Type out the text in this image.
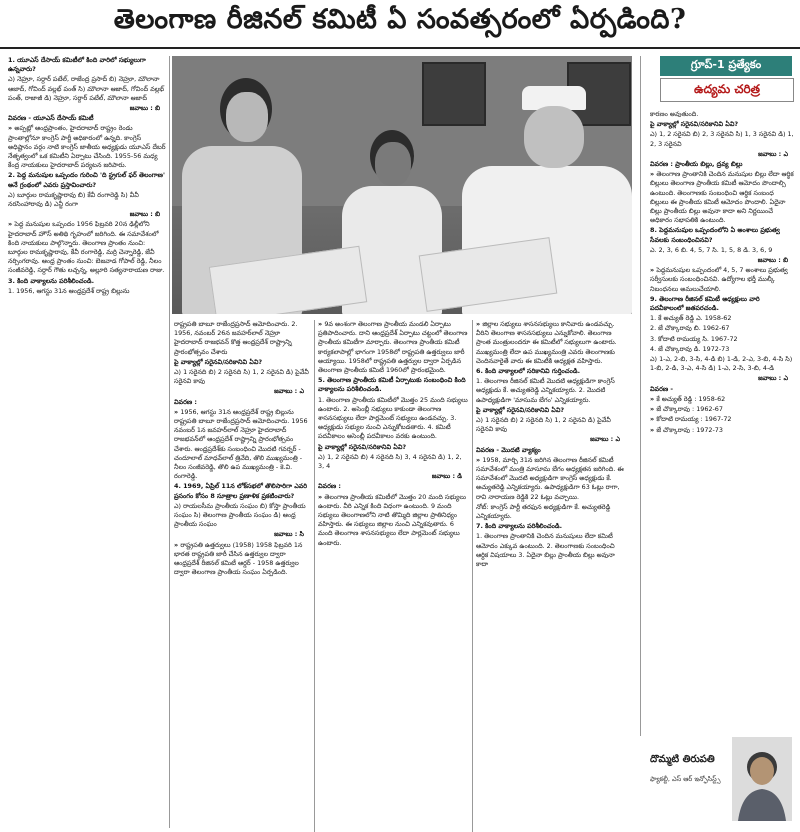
తెలంగాణ రీజినల్ కమిటీ ఏ సంవత్సరంలో ఏర్పడింది?

1. యూఎస్ దేసాయ్ కమిటీలో కింది వారిలో సభ్యులుగా ఉన్నవారు?

ఎ) నెహ్రూ, సర్దార్ పటేల్, రాజేంద్ర ప్రసాద్ బి) నెహ్రూ, మౌలానా ఆజాద్, గోవింద్ వల్లభ్ పంత్ సి) మౌలానా ఆజాద్, గోవింద్ వల్లభ్ పంత్, రాజాజీ డి) నెహ్రూ, సర్దార్ పటేల్, మౌలానా ఆజాద్

జవాబు : బి

వివరణ - యూఎస్ దేసాయ్ కమిటీ

» అప్పట్లో ఆంధ్రప్రాంతం, హైదరాబాద్ రాష్ట్రం రెండు ప్రాంతాల్లోనూ కాంగ్రెస్ పార్టీ అధికారంలో ఉన్నది. కాంగ్రెస్ అధిష్టానం వర్గం నాటి కాంగ్రెస్ జాతీయ అధ్యక్షుడు యూఎస్ దేబర్ నేతృత్వంలో ఒక కమిటీని ఏర్పాటు చేసింది. 1955-56 మధ్య కేంద్ర నాయకులు హైదరాబాద్ పర్యటన జరిపారు.

2. పెద్ద మనుషుల ఒప్పందం గురించి 'ది స్ట్రగుల్ ఫర్ తెలంగాణ' అనే గ్రంథంలో ఎవరు ప్రస్తావించారు?

ఎ) బూర్గుల రామకృష్ణారావు బి) కేవీ రంగారెడ్డి సి) వీవీ నరసింహారావు డి) ఎన్జీ రంగా

జవాబు : బి

» పెద్ద మనుషుల ఒప్పందం 1956 ఫిబ్రవరి 20న ఢిల్లీలోని హైదరాబాద్ హౌస్ అతిథి గృహంలో జరిగింది. ఈ సమావేశంలో కింది నాయకులు పాల్గొన్నారు. తెలంగాణ ప్రాంతం నుంచి: బూర్గుల రామకృష్ణారావు, కేవీ రంగారెడ్డి, మర్రి చెన్నారెడ్డి, జేవీ నర్సింగరావు. ఆంధ్ర ప్రాంతం నుంచి: బెజవాడ గోపాల్ రెడ్డి, నీలం సంజీవరెడ్డి, సర్దార్ గౌతు లచ్చన్న, అల్లూరి సత్యనారాయణ రాజు.

3. కింది వాక్యాలను పరిశీలించండి.

1. 1956, ఆగస్టు 31న ఆంధ్రప్రదేశ్ రాష్ట్ర బిల్లును

గ్రూప్-1 ప్రత్యేకం
ఉద్యమ చరిత్ర

రాష్ట్రపతి బాబూ రాజేంద్రప్రసాద్ ఆమోదించారు. 2. 1956, నవంబర్ 26న జవహర్‌లాల్ నెహ్రూ హైదరాబాద్ రాజభవన్ కొత్త ఆంధ్రప్రదేశ్ రాష్ట్రాన్ని ప్రారంభోత్సవం చేశారు

పై వాక్యాల్లో సరైనవి/సరికానివి ఏవి?

ఎ) 1 సరైనది బి) 2 సరైనది సి) 1, 2 సరైనవి డి) పైవేవీ సరైనవి కావు

జవాబు : ఎ

వివరణ :

» 1956, ఆగస్టు 31న ఆంధ్రప్రదేశ్ రాష్ట్ర బిల్లును రాష్ట్రపతి బాబూ రాజేంద్రప్రసాద్ ఆమోదించారు. 1956 నవంబర్ 1న జవహర్‌లాల్ నెహ్రూ హైదరాబాద్ రాజభవన్‌లో ఆంధ్రప్రదేశ్ రాష్ట్రాన్ని ప్రారంభోత్సవం చేశారు. ఆంధ్రప్రదేశ్‌కు సంబంధించి మొదటి గవర్నర్ - చందూలాల్ మాధవ్‌లాల్ త్రివేది, తొలి ముఖ్యమంత్రి - నీలం సంజీవరెడ్డి, తొలి ఉప ముఖ్యమంత్రి - కె.వి. రంగారెడ్డి.

4. 1969, ఏప్రిల్ 11న లోక్‌సభలో తొలిసారిగా ఎవరి ప్రసంగం కోసం 8 సూత్రాల ప్రణాళిక ప్రకటించారు?

ఎ) రాయలసీమ ప్రాంతీయ సంఘం బి) కోస్తా ప్రాంతీయ సంఘం సి) తెలంగాణ ప్రాంతీయ సంఘం డి) ఆంధ్ర ప్రాంతీయ సంఘం

జవాబు : సి

» రాష్ట్రపతి ఉత్తర్వులు (1958) 1958 ఫిబ్రవరి 1న భారత రాష్ట్రపతి జారీ చేసిన ఉత్తర్వుల ద్వారా ఆంధ్రప్రదేశ్ రీజినల్ కమిటీ ఆర్డర్ - 1958 ఉత్తర్వుల ద్వారా తెలంగాణ ప్రాంతీయ సంఘం ఏర్పడింది.

» 9వ అంశంగా తెలంగాణ ప్రాంతీయ మండలి ఏర్పాటు ప్రతిపాదించారు. దాని ఆంధ్రప్రదేశ్ ఏర్పాటు చట్టంలో తెలంగాణ ప్రాంతీయ కమిటీగా మార్చారు. తెలంగాణ ప్రాంతీయ కమిటీ కార్యకలాపాల్లో భాగంగా 1958లో రాష్ట్రపతి ఉత్తర్వులు జారీ అయ్యాయి. 1958లో రాష్ట్రపతి ఉత్తర్వుల ద్వారా ఏర్పడిన తెలంగాణ ప్రాంతీయ కమిటీ 1960లో ప్రారంభమైంది.

5. తెలంగాణ ప్రాంతీయ కమిటీ ఏర్పాటుకు సంబంధించి కింది వాక్యాలను పరిశీలించండి.

1. తెలంగాణ ప్రాంతీయ కమిటీలో మొత్తం 25 మంది సభ్యులు ఉంటారు. 2. అసెంబ్లీ సభ్యులు కాకుండా తెలంగాణ శాసనసభ్యులు లేదా పార్లమెంట్ సభ్యులు ఉండవచ్చు. 3. అధ్యక్షుడు సభ్యుల నుంచి ఎన్నుకోబడతారు. 4. కమిటీ పదవీకాలం అసెంబ్లీ పదవీకాలం వరకు ఉంటుంది.

పై వాక్యాల్లో సరైనవి/సరికానివి ఏవి?

ఎ) 1, 2 సరైనవి బి) 4 సరైనది సి) 3, 4 సరైనవి డి) 1, 2, 3, 4

జవాబు : డి

వివరణ :

» తెలంగాణ ప్రాంతీయ కమిటీలో మొత్తం 20 మంది సభ్యులు ఉంటారు. వీరి ఎన్నిక కింది విధంగా ఉంటుంది. 9 మంది సభ్యులు తెలంగాణలోని నాటి తొమ్మిది జిల్లాల ప్రాతినిధ్యం వహిస్తారు. ఈ సభ్యులు జిల్లాల నుంచి ఎన్నికవుతారు. 6 మంది తెలంగాణ శాసనసభ్యులు లేదా పార్లమెంట్ సభ్యులు ఉంటారు.

» జిల్లాల సభ్యులు శాసనసభ్యులు కానివారు ఉండవచ్చు. వీరిని తెలంగాణ శాసనసభ్యులు ఎన్నుకోవాలి. తెలంగాణ ప్రాంత మంత్రులందరూ ఈ కమిటీలో సభ్యులుగా ఉంటారు. ముఖ్యమంత్రి లేదా ఉప ముఖ్యమంత్రి ఎవరు తెలంగాణకు చెందినవారైతే వారు ఈ కమిటీకి అధ్యక్షత వహిస్తారు.

6. కింది వాక్యాలలో సరికానివి గుర్తించండి.

1. తెలంగాణ రీజినల్ కమిటీ మొదటి అధ్యక్షుడిగా కాంగ్రెస్ అధ్యక్షుడు కే. అచ్యుతరెడ్డి ఎన్నికయ్యారు. 2. మొదటి ఉపాధ్యక్షుడిగా 'మాసుమ బేగం' ఎన్నికయ్యారు.

పై వాక్యాల్లో సరైనవి/సరికానివి ఏవి?

ఎ) 1 సరైనది బి) 2 సరైనది సి) 1, 2 సరైనవి డి) పైవేవీ సరైనవి కావు

జవాబు : ఎ

వివరణ - మొదటి వ్యాక్యం

» 1958, మార్చి 31న జరిగిన తెలంగాణ రీజినల్ కమిటీ సమావేశంలో మంత్రి మాసూమ బేగం అధ్యక్షతన జరిగింది. ఈ సమావేశంలో మొదటి అధ్యక్షుడిగా కాంగ్రెస్ అధ్యక్షుడు కే. అచ్యుతరెడ్డి ఎన్నికయ్యారు. ఉపాధ్యక్షుడిగా 63 ఓట్లు రాగా, రావి నారాయణ రెడ్డికి 22 ఓట్లు వచ్చాయి.

నోట్: కాంగ్రెస్ పార్టీ తరఫున అధ్యక్షుడిగా కే. అచ్యుతరెడ్డి ఎన్నికయ్యారు.

7. కింది వాక్యాలను పరిశీలించండి.

1. తెలంగాణ ప్రాంతానికి చెందిన మనుషులు లేదా కమిటీ ఆమోదం ఎక్కువ ఉంటుంది. 2. తెలంగాణకు సంబంధించి ఆర్థిక విషయాలు 3. ఏదైనా బిల్లు ప్రాంతీయ బిల్లు అవునా కాదా

కారణం అవుతుంది.

పై వాక్యాల్లో సరైనవి/సరికానివి ఏవి?

ఎ) 1, 2 సరైనవి బి) 2, 3 సరైనవి సి) 1, 3 సరైనవి డి) 1, 2, 3 సరైనవి

జవాబు : ఎ

వివరణ : ప్రాంతీయ బిల్లు, ద్రవ్య బిల్లు

» తెలంగాణ ప్రాంతానికి చెందిన మనుషుల బిల్లు లేదా ఆర్థిక బిల్లులు తెలంగాణ ప్రాంతీయ కమిటీ ఆమోదం పొందాల్సి ఉంటుంది. తెలంగాణకు సంబంధించి ఆర్థిక సంబంధ బిల్లులు ఈ ప్రాంతీయ కమిటీ ఆమోదం పొందాలి. ఏదైనా బిల్లు ప్రాంతీయ బిల్లు అవునా కాదా అని నిర్ణయించే అధికారం సభాపతికి ఉంటుంది.

8. పెద్దమనుషుల ఒప్పందంలోని ఏ అంశాలు ప్రభుత్వ సేవలకు సంబంధించినవి?

ఎ. 2, 3, 6 బి. 4, 5, 7 సి. 1, 5, 8 డి. 3, 6, 9

జవాబు : బి

» పెద్దమనుషుల ఒప్పందంలో 4, 5, 7 అంశాలు ప్రభుత్వ సర్వీసులకు సంబంధించినవి. ఉద్యోగాల భర్తీ ముల్కీ నిబంధనలు అమలుచేయాలి.

9. తెలంగాణ రీజినల్ కమిటీ అధ్యక్షులు వారి పదవీకాలంలో జతపరచండి.

1. కే అచ్యుత్ రెడ్డి ఎ. 1958-62

2. జే చొక్కారావు బి. 1962-67

3. కోదాటి రామయ్య సి. 1967-72

4. జే చొక్కారావు డి. 1972-73

ఎ) 1-ఎ, 2-బి, 3-సి, 4-డి బి) 1-డి, 2-ఎ, 3-బి, 4-సి సి) 1-బి, 2-డి, 3-ఎ, 4-సి డి) 1-ఎ, 2-సి, 3-బి, 4-డి

జవాబు : ఎ

వివరణ -

» కే అచ్యుత్ రెడ్డి : 1958-62

» జే చొక్కారావు : 1962-67

» కోదాటి రామయ్య : 1967-72

» జే చొక్కారావు : 1972-73

దొమ్మటి తిరుపతి
ఫ్యాకల్టీ, ఎస్ ఆర్ ఇన్ఫోసిస్ట్స్
